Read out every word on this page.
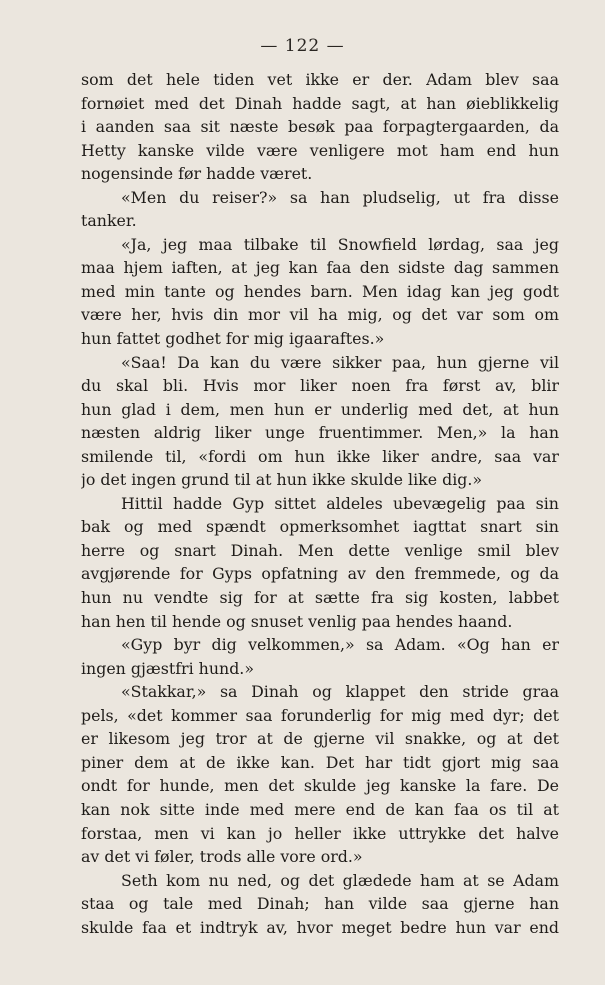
— 122 —
som det hele tiden vet ikke er der. Adam blev saa
fornøiet med det Dinah hadde sagt, at han øieblikkelig
i aanden saa sit næste besøk paa forpagtergaarden, da
Hetty kanske vilde være venligere mot ham end hun
nogensinde før hadde været.
«Men du reiser?» sa han pludselig, ut fra disse
tanker.
«Ja, jeg maa tilbake til Snowfield lørdag, saa jeg
maa hjem iaften, at jeg kan faa den sidste dag sammen
med min tante og hendes barn. Men idag kan jeg godt
være her, hvis din mor vil ha mig, og det var som om
hun fattet godhet for mig igaaraftes.»
«Saa! Da kan du være sikker paa, hun gjerne vil
du skal bli. Hvis mor liker noen fra først av, blir
hun glad i dem, men hun er underlig med det, at hun
næsten aldrig liker unge fruentimmer. Men,» la han
smilende til, «fordi om hun ikke liker andre, saa var
jo det ingen grund til at hun ikke skulde like dig.»
Hittil hadde Gyp sittet aldeles ubevægelig paa sin
bak og med spændt opmerksomhet iagttat snart sin
herre og snart Dinah. Men dette venlige smil blev
avgjørende for Gyps opfatning av den fremmede, og da
hun nu vendte sig for at sætte fra sig kosten, labbet
han hen til hende og snuset venlig paa hendes haand.
«Gyp byr dig velkommen,» sa Adam. «Og han er
ingen gjæstfri hund.»
«Stakkar,» sa Dinah og klappet den stride graa
pels, «det kommer saa forunderlig for mig med dyr; det
er likesom jeg tror at de gjerne vil snakke, og at det
piner dem at de ikke kan. Det har tidt gjort mig saa
ondt for hunde, men det skulde jeg kanske la fare. De
kan nok sitte inde med mere end de kan faa os til at
forstaa, men vi kan jo heller ikke uttrykke det halve
av det vi føler, trods alle vore ord.»
Seth kom nu ned, og det glædede ham at se Adam
staa og tale med Dinah; han vilde saa gjerne han
skulde faa et indtryk av, hvor meget bedre hun var end
